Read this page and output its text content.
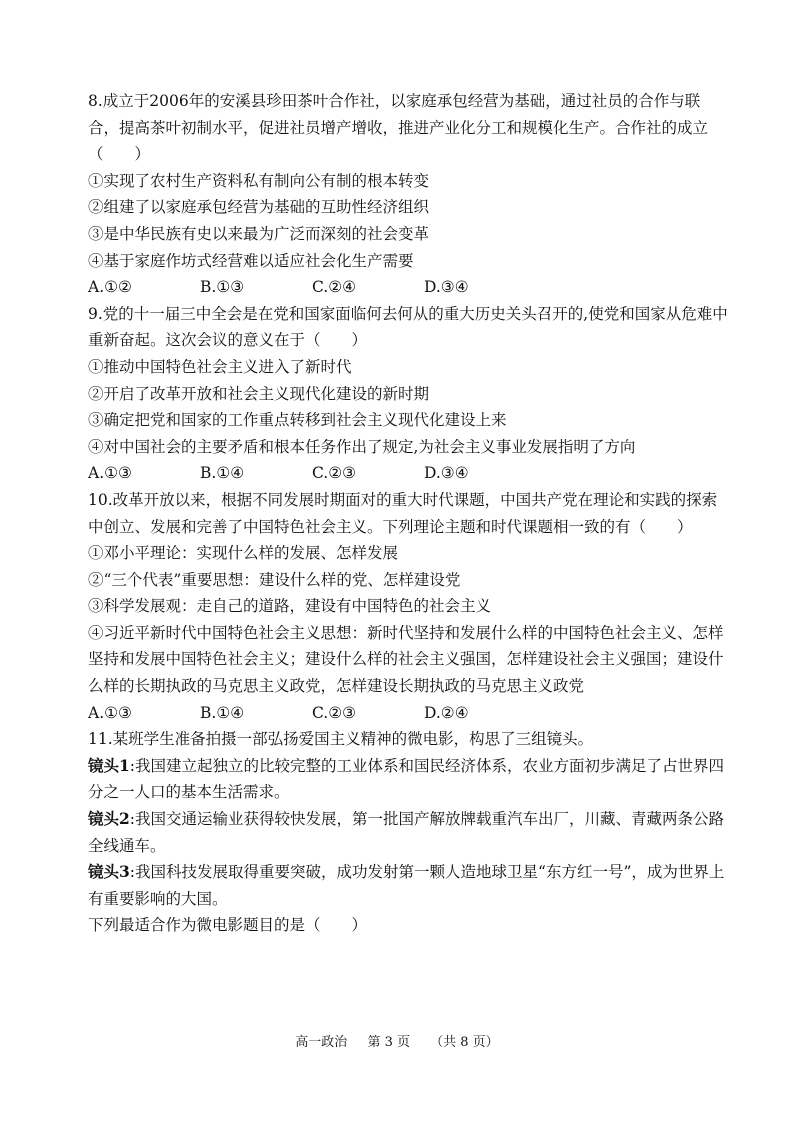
8.成立于2006年的安溪县珍田茶叶合作社，以家庭承包经营为基础，通过社员的合作与联合，提高茶叶初制水平，促进社员增产增收，推进产业化分工和规模化生产。合作社的成立（　　）

①实现了农村生产资料私有制向公有制的根本转变

②组建了以家庭承包经营为基础的互助性经济组织

③是中华民族有史以来最为广泛而深刻的社会变革

④基于家庭作坊式经营难以适应社会化生产需要

A.①②	B.①③	C.②④	D.③④

9.党的十一届三中全会是在党和国家面临何去何从的重大历史关头召开的,使党和国家从危难中重新奋起。这次会议的意义在于（　　）

①推动中国特色社会主义进入了新时代

②开启了改革开放和社会主义现代化建设的新时期

③确定把党和国家的工作重点转移到社会主义现代化建设上来

④对中国社会的主要矛盾和根本任务作出了规定,为社会主义事业发展指明了方向

A.①③	B.①④	C.②③	D.③④

10.改革开放以来，根据不同发展时期面对的重大时代课题，中国共产党在理论和实践的探索中创立、发展和完善了中国特色社会主义。下列理论主题和时代课题相一致的有（　　）

①邓小平理论：实现什么样的发展、怎样发展

②“三个代表”重要思想：建设什么样的党、怎样建设党

③科学发展观：走自己的道路，建设有中国特色的社会主义

④习近平新时代中国特色社会主义思想：新时代坚持和发展什么样的中国特色社会主义、怎样坚持和发展中国特色社会主义；建设什么样的社会主义强国，怎样建设社会主义强国；建设什么样的长期执政的马克思主义政党，怎样建设长期执政的马克思主义政党

A.①③	B.①④	C.②③	D.②④

11.某班学生准备拍摄一部弘扬爱国主义精神的微电影，构思了三组镜头。

镜头1:我国建立起独立的比较完整的工业体系和国民经济体系，农业方面初步满足了占世界四分之一人口的基本生活需求。

镜头2:我国交通运输业获得较快发展，第一批国产解放牌载重汽车出厂，川藏、青藏两条公路全线通车。

镜头3:我国科技发展取得重要突破，成功发射第一颗人造地球卫星“东方红一号”，成为世界上有重要影响的大国。

下列最适合作为微电影题目的是（　　）

高一政治 第 3 页 （共 8 页）
